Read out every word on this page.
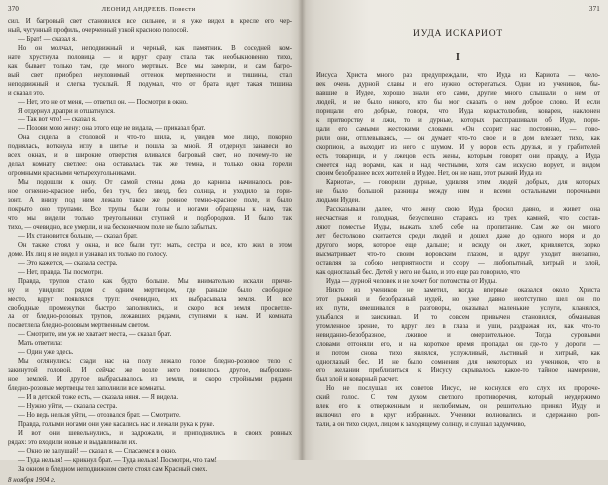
370	ЛЕОНИД АНДРЕЕВ. Повести
сил. И багровый свет становился все сильнее, и я уже видел в кресле его чер-
ный, чугунный профиль, очерченный узкой красною полосой.
— Брат! — сказал я.
Но он молчал, неподвижный и черный, как памятник. В соседней ком-
нате хрустнула половица — и вдруг сразу стала так необыкновенно тихо,
как бывает только там, где много мертвых. Все мы замерли, и сам багро-
вый свет приобрел неуловимый оттенок мертвенности и тишины, стал
неподвижный и слегка тусклый. Я подумал, что от брата идет такая тишина
и сказал это.
— Нет, это не от меня, — ответил он. — Посмотри в окно.
Я отдернул драпри и отшатнулся.
— Так вот что! — сказал я.
— Позови мою жену: она этого еще не видала, — приказал брат.
Она сидела в столовой и что-то шила, и, увидев мое лицо, покорно
поднялась, воткнула иглу в шитье и пошла за мной. Я отдернул занавеси во
всех окнах, и в широкие отверстия вливался багровый свет, но почему-то не
делал комнату светлее: она оставалась так же темна, и только окна горели
огромными красными четырехугольниками.
Мы подошли к окну. От самой стены дома до карниза начиналось ров-
ное огненно-красное небо, без туч, без звезд, без солнца, и уходило за гори-
зонт. А внизу под ним лежало такое же ровное темно-красное поле, и было
покрыто оно трупами. Все трупы были голы и ногами обращены к нам, так
что мы видели только треугольники ступней и подбородков. И было так
тихо, — очевидно, все умерли, и на бесконечном поле не было забытых.
— Их становится больше, — сказал брат.
Он также стоял у окна, и все были тут: мать, сестра и все, кто жил в этом
доме. Их лиц я не видел и узнавал их только по голосу.
— Это кажется, — сказала сестра.
— Нет, правда. Ты посмотри.
Правда, трупов стало как будто больше. Мы внимательно искали причи-
ну и увидели: рядом с одним мертвецом, где раньше было свободное
место, вдруг появлялся труп: очевидно, их выбрасывала земля. И все
свободные промежутки быстро заполнялись, и скоро вся земля просветле-
ла от бледно-розовых трупов, лежавших рядами, ступнями к нам. И комната
посветлела бледно-розовым мертвенным светом.
— Смотрите, им уж не хватает места, — сказал брат.
Мать ответила:
— Один уже здесь.
Мы оглянулись: сзади нас на полу лежало голое бледно-розовое тело с
закинутой головой. И сейчас же возле него появилось другое, выброшен-
ное землей. И другое выбрасывалось из земли, и скоро стройными рядами
бледно-розовые мертвецы тел заполнили все комнаты.
— И в детской тоже есть, — сказала няня. — Я видела.
— Нужно уйти, — сказала сестра.
— Но ведь нельзя уйти, — отозвался брат. — Смотрите.
Правда, голыми ногами они уже касались нас и лежали рука к руке.
И вот они шевельнулись, и задрожали, и приподнялись в своих ровных
рядах: это входили новые и выдавливали их.
— Окно не залушай! — сказал я. — Спасаемся в окно.
— Туда нельзя! — крикнул брат. — Туда нельзя! Посмотри, что там!
За окном в бледном неподвижном свете стоял сам Красный смех.
8 ноября 1904 г.
371
ИУДА ИСКАРИОТ
I
Иисуса Христа много раз предупреждали, что Иуда из Кариота — чело-
век очень дурной славы и его нужно остерегаться. Одни из учеников, бы-
вавшие в Иудее, хорошо знали его сами, другие много слышали о нем от
людей, и не было никого, кто бы мог сказать о нем доброе слово. И если
порицали его добрые, говоря, что Иуда корыстолюбив, коварен, наклонен
к притворству и лжи, то и дурные, которых расспрашивали об Иуде, пори-
цали его самыми жестокими словами. «Он ссорит нас постоянно, — гово-
рили они, отплевываясь, — он думает что-то свое и в дом влезает тихо, как
скорпион, а выходит из него с шумом. И у воров есть друзья, и у грабителей
есть товарищи, и у лжецов есть жены, которым говорят они правду, а Иуда
смеется над ворами, как и над честными, хотя сам искусно ворует, и видом
своим безобразнее всех жителей в Иудее. Нет, он не наш, этот рыжий Иуда из
Кариота», — говорили дурные, удивляя этим людей добрых, для которых
не было большой разницы между ним и всеми остальными порочными
людьми Иудеи.
Рассказывали далее, что жену свою Иуда бросил давно, и живет она
несчастная и голодная, безуспешно стараясь из трех камней, что состав-
ляют поместье Иуды, выжать хлеб себе на пропитание. Сам же он много
лет бестолково скитается среди людей и дошел даже до одного моря и до
другого моря, которое еще дальше; и всюду он лжет, кривляется, зорко
высматривает что-то своим воровским глазом, и вдруг уходит внезапно,
оставляя за собою неприятности и ссору — любопытный, хитрый и злой,
как одноглазый бес. Детей у него не было, и это еще раз говорило, что
Иуда — дурной человек и не хочет бог потомства от Иуды.
Никто из учеников не заметил, когда впервые оказался около Христа
этот рыжий и безобразный иудей, но уже давно неотступно шел он по
их пути, вмешивался в разговоры, оказывал маленькие услуги, кланялся,
улыбался и заискивал. И то совсем привычен становился, обманывая
утомленное зрение, то вдруг лез в глаза и уши, раздражая их, как что-то
невиданно-безобразное, лживое и омерзительное. Тогда суровыми
словами отгоняли его, и на короткое время пропадал он где-то у дороги —
и потом снова тихо являлся, услужливый, льстивый и хитрый, как
одноглазый бес. И не было сомнения для некоторых из учеников, что в
его желании приблизиться к Иисусу скрывалось какое-то тайное намерение,
был злой и коварный расчет.
Но не послушал их советов Иисус, не коснулся его слух их пророче-
ский голос. С тем духом светлого противоречия, который неудержимо
влек его к отверженным и нелюбимым, он решительно принял Иуду и
включил его в круг избранных. Ученики волновались и сдержанно роп-
тали, а он тихо сидел, лицом к заходящему солнцу, и слушал задумчиво,
